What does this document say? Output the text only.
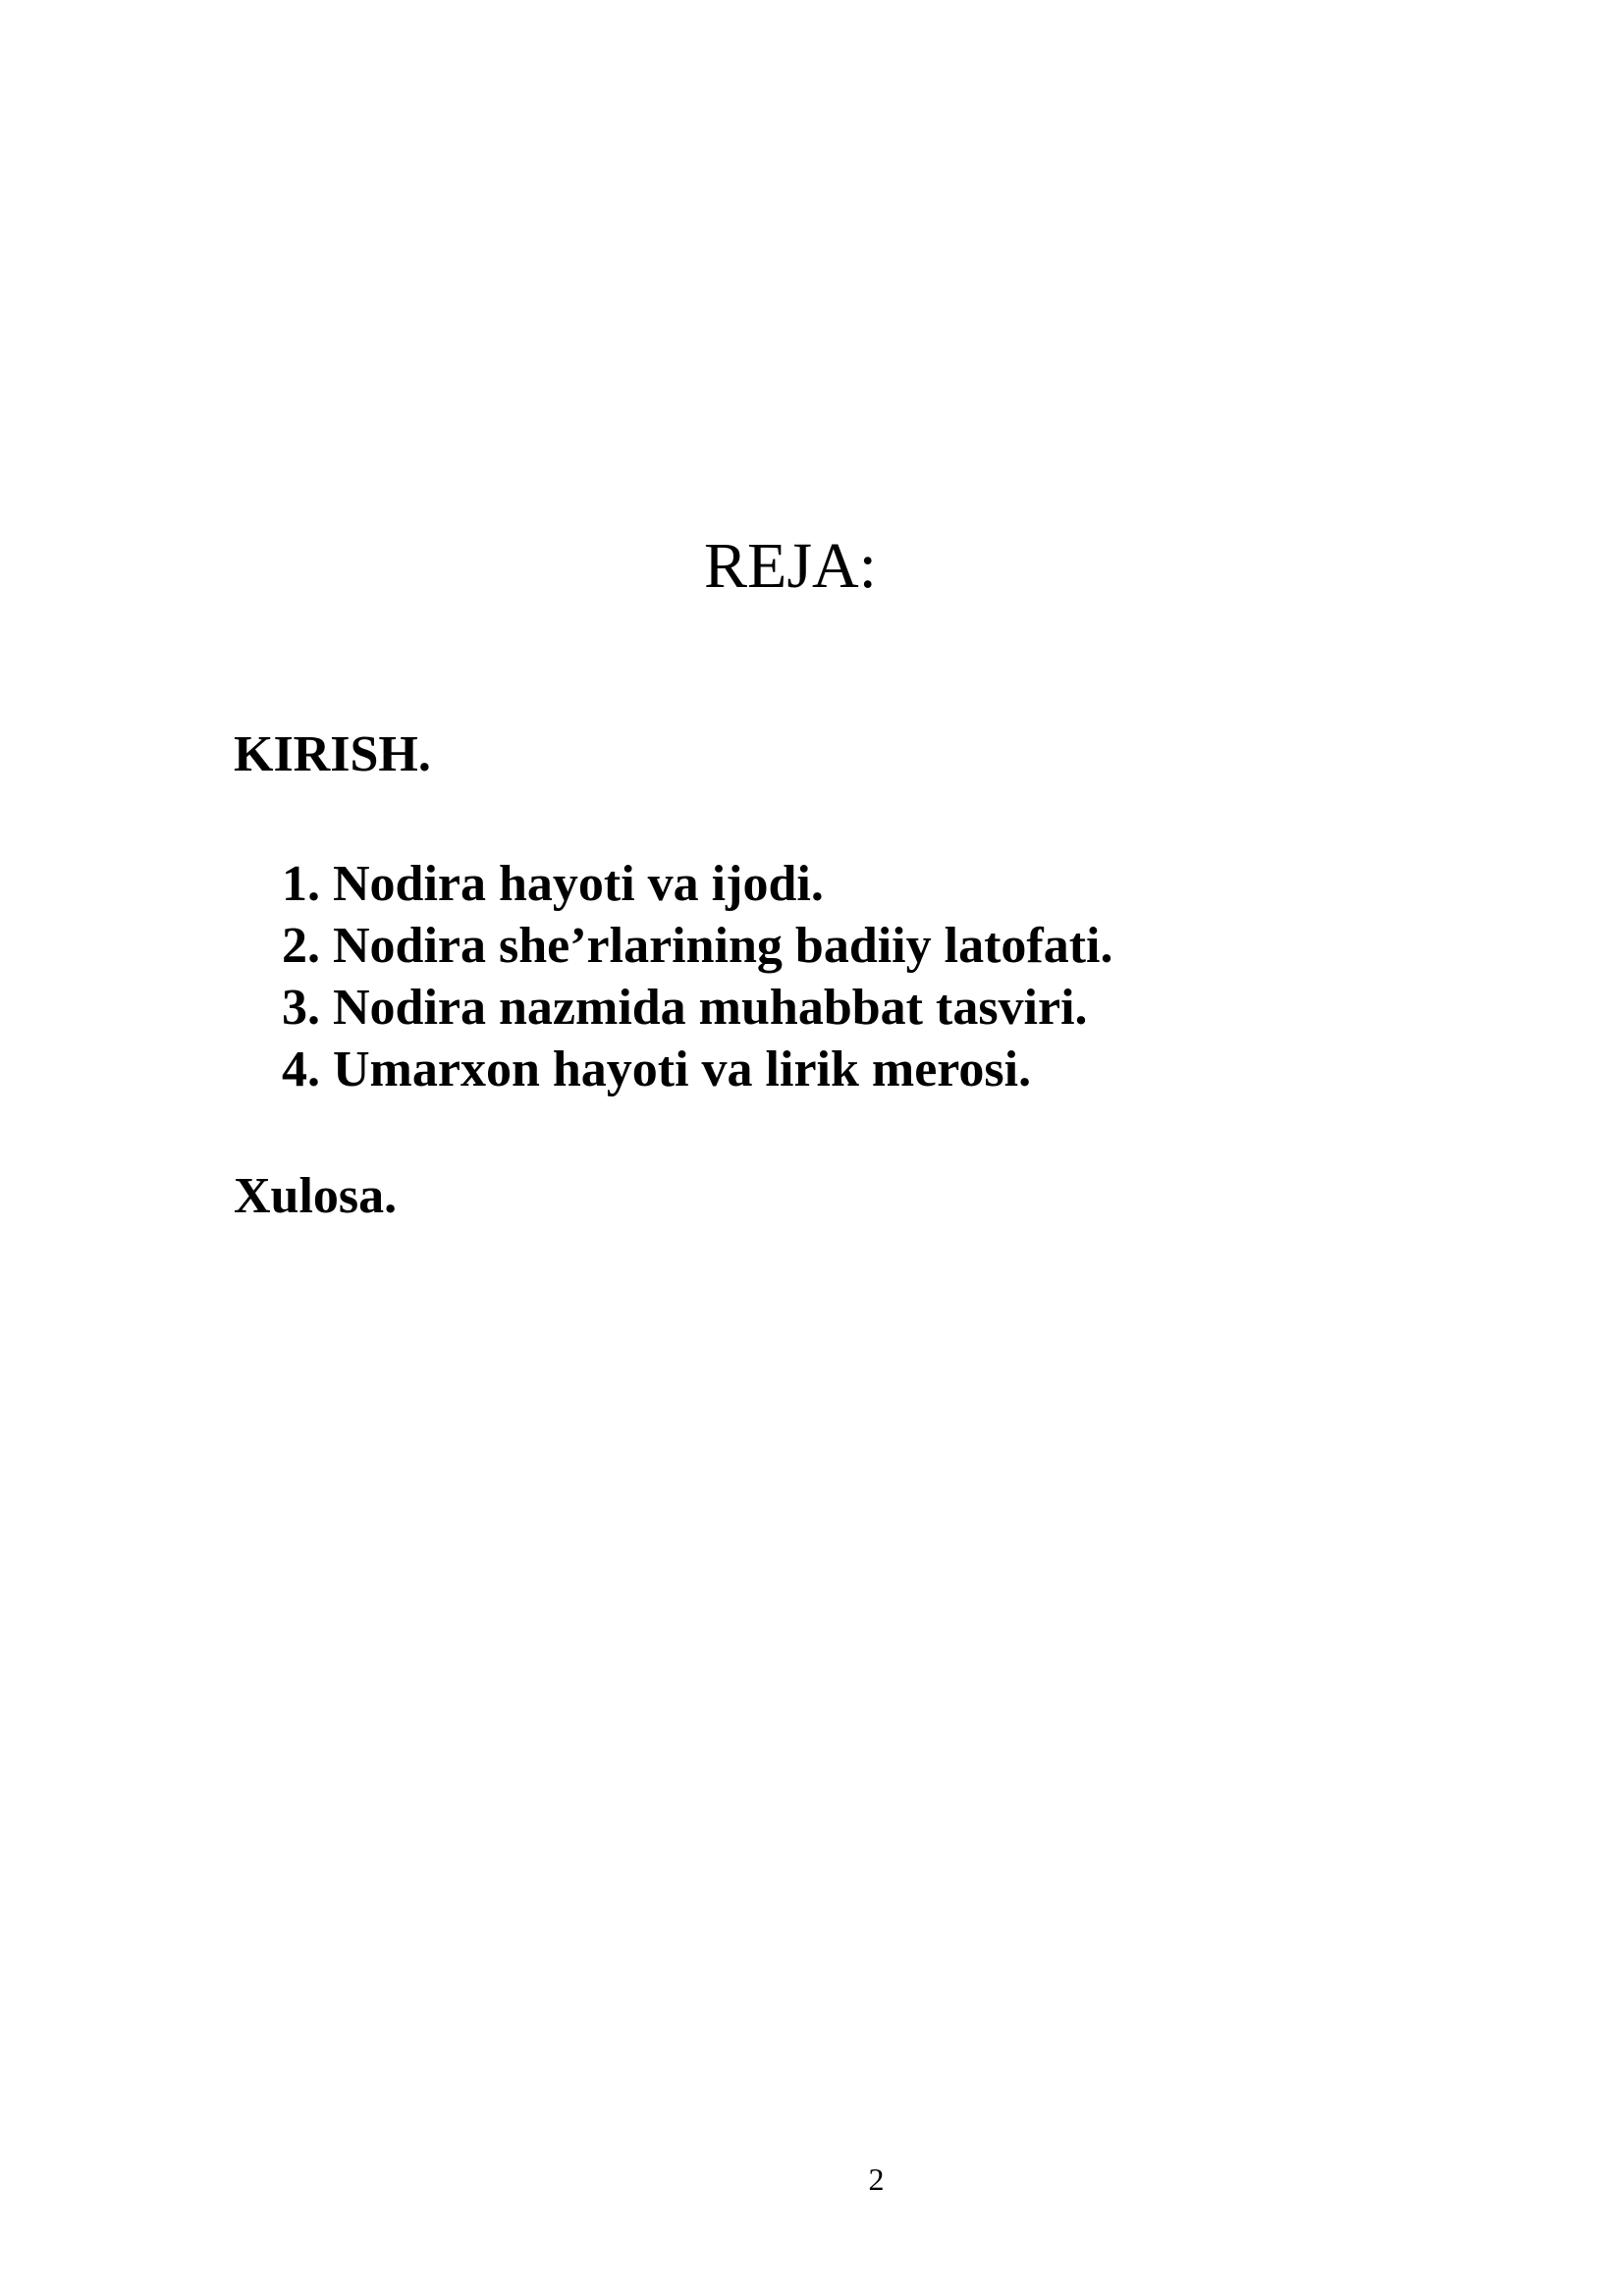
REJA:
KIRISH.
1. Nodira hayoti va ijodi.
2. Nodira she’rlarining badiiy latofati.
3. Nodira nazmida muhabbat tasviri.
4. Umarxon hayoti va lirik merosi.
Xulosa.
2
